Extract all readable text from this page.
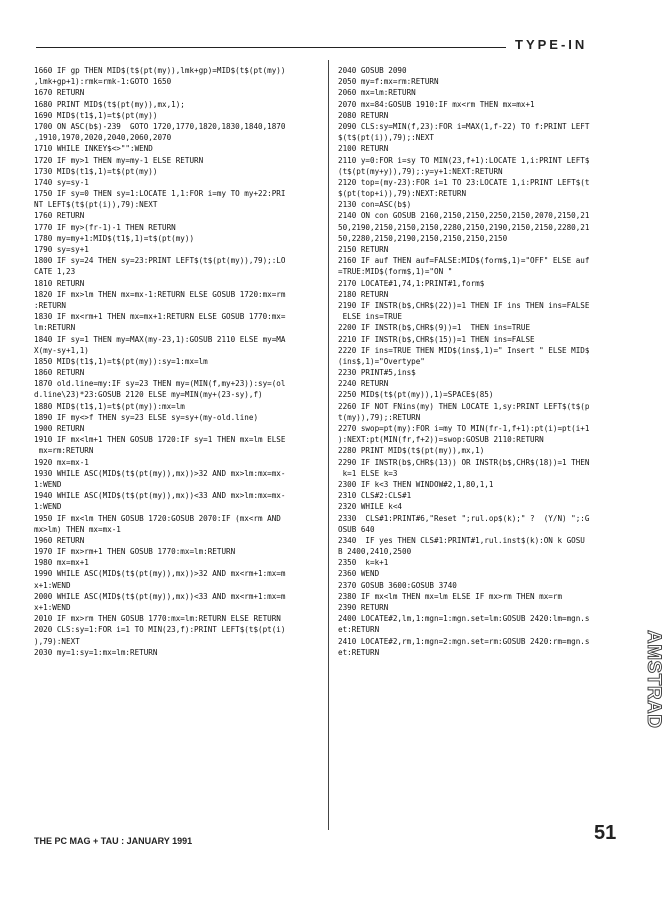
TYPE-IN
1660 IF gp THEN MID$(t$(pt(my)),lmk+gp)=MID$(t$(pt(my))
,lmk+gp+1):rmk=rmk-1:GOTO 1650
1670 RETURN
1680 PRINT MID$(t$(pt(my)),mx,1);
1690 MID$(t1$,1)=t$(pt(my))
1700 ON ASC(b$)-239  GOTO 1720,1770,1820,1830,1840,1870
,1910,1970,2020,2040,2060,2070
1710 WHILE INKEY$<>"":WEND
1720 IF my>1 THEN my=my-1 ELSE RETURN
1730 MID$(t1$,1)=t$(pt(my))
1740 sy=sy-1
1750 IF sy=0 THEN sy=1:LOCATE 1,1:FOR i=my TO my+22:PRI
NT LEFT$(t$(pt(i)),79):NEXT
1760 RETURN
1770 IF my>(fr-1)-1 THEN RETURN
1780 my=my+1:MID$(t1$,1)=t$(pt(my))
1790 sy=sy+1
1800 IF sy=24 THEN sy=23:PRINT LEFT$(t$(pt(my)),79);:LO
CATE 1,23
1810 RETURN
1820 IF mx>lm THEN mx=mx-1:RETURN ELSE GOSUB 1720:mx=rm
:RETURN
1830 IF mx<rm+1 THEN mx=mx+1:RETURN ELSE GOSUB 1770:mx=
lm:RETURN
1840 IF sy=1 THEN my=MAX(my-23,1):GOSUB 2110 ELSE my=MA
X(my-sy+1,1)
1850 MID$(t1$,1)=t$(pt(my)):sy=1:mx=lm
1860 RETURN
1870 old.line=my:IF sy=23 THEN my=(MIN(f,my+23)):sy=(ol
d.line\23)*23:GOSUB 2120 ELSE my=MIN(my+(23-sy),f)
1880 MID$(t1$,1)=t$(pt(my)):mx=lm
1890 IF my<>f THEN sy=23 ELSE sy=sy+(my-old.line)
1900 RETURN
1910 IF mx<lm+1 THEN GOSUB 1720:IF sy=1 THEN mx=lm ELSE
mx=rm:RETURN
1920 mx=mx-1
1930 WHILE ASC(MID$(t$(pt(my)),mx))>32 AND mx>lm:mx=mx-
1:WEND
1940 WHILE ASC(MID$(t$(pt(my)),mx))<33 AND mx>lm:mx=mx-
1:WEND
1950 IF mx<lm THEN GOSUB 1720:GOSUB 2070:IF (mx<rm AND
mx>lm) THEN mx=mx-1
1960 RETURN
1970 IF mx>rm+1 THEN GOSUB 1770:mx=lm:RETURN
1980 mx=mx+1
1990 WHILE ASC(MID$(t$(pt(my)),mx))>32 AND mx<rm+1:mx=m
x+1:WEND
2000 WHILE ASC(MID$(t$(pt(my)),mx))<33 AND mx<rm+1:mx=m
x+1:WEND
2010 IF mx>rm THEN GOSUB 1770:mx=lm:RETURN ELSE RETURN
2020 CLS:sy=1:FOR i=1 TO MIN(23,f):PRINT LEFT$(t$(pt(i)
),79):NEXT
2030 my=1:sy=1:mx=lm:RETURN
2040 GOSUB 2090
2050 my=f:mx=rm:RETURN
2060 mx=lm:RETURN
2070 mx=84:GOSUB 1910:IF mx<rm THEN mx=mx+1
2080 RETURN
2090 CLS:sy=MIN(f,23):FOR i=MAX(1,f-22) TO f:PRINT LEFT
$(t$(pt(i)),79);:NEXT
2100 RETURN
2110 y=0:FOR i=sy TO MIN(23,f+1):LOCATE 1,i:PRINT LEFT$
(t$(pt(my+y)),79);:y=y+1:NEXT:RETURN
2120 top=(my-23):FOR i=1 TO 23:LOCATE 1,i:PRINT LEFT$(t
$(pt(top+i)),79):NEXT:RETURN
2130 con=ASC(b$)
2140 ON con GOSUB 2160,2150,2150,2250,2150,2070,2150,21
50,2190,2150,2150,2150,2280,2150,2190,2150,2150,2280,21
50,2280,2150,2190,2150,2150,2150,2150
2150 RETURN
2160 IF auf THEN auf=FALSE:MID$(form$,1)="OFF" ELSE auf
=TRUE:MID$(form$,1)="ON "
2170 LOCATE#1,74,1:PRINT#1,form$
2180 RETURN
2190 IF INSTR(b$,CHR$(22))=1 THEN IF ins THEN ins=FALSE
ELSE ins=TRUE
2200 IF INSTR(b$,CHR$(9))=1  THEN ins=TRUE
2210 IF INSTR(b$,CHR$(15))=1 THEN ins=FALSE
2220 IF ins=TRUE THEN MID$(ins$,1)=" Insert " ELSE MID$
(ins$,1)="Overtype"
2230 PRINT#5,ins$
2240 RETURN
2250 MID$(t$(pt(my)),1)=SPACE$(85)
2260 IF NOT FNins(my) THEN LOCATE 1,sy:PRINT LEFT$(t$(p
t(my)),79);:RETURN
2270 swop=pt(my):FOR i=my TO MIN(fr-1,f+1):pt(i)=pt(i+1
):NEXT:pt(MIN(fr,f+2))=swop:GOSUB 2110:RETURN
2280 PRINT MID$(t$(pt(my)),mx,1)
2290 IF INSTR(b$,CHR$(13)) OR INSTR(b$,CHR$(18))=1 THEN
k=1 ELSE k=3
2300 IF k<3 THEN WINDOW#2,1,80,1,1
2310 CLS#2:CLS#1
2320 WHILE k<4
2330  CLS#1:PRINT#6,"Reset ";rul.op$(k);" ?  (Y/N) ";:G
OSUB 640
2340  IF yes THEN CLS#1:PRINT#1,rul.inst$(k):ON k GOSU
B 2400,2410,2500
2350  k=k+1
2360 WEND
2370 GOSUB 3600:GOSUB 3740
2380 IF mx<lm THEN mx=lm ELSE IF mx>rm THEN mx=rm
2390 RETURN
2400 LOCATE#2,lm,1:mgn=1:mgn.set=lm:GOSUB 2420:lm=mgn.s
et:RETURN
2410 LOCATE#2,rm,1:mgn=2:mgn.set=rm:GOSUB 2420:rm=mgn.s
et:RETURN	AMSTRAD
THE PC MAG + TAU : JANUARY 1991	51
